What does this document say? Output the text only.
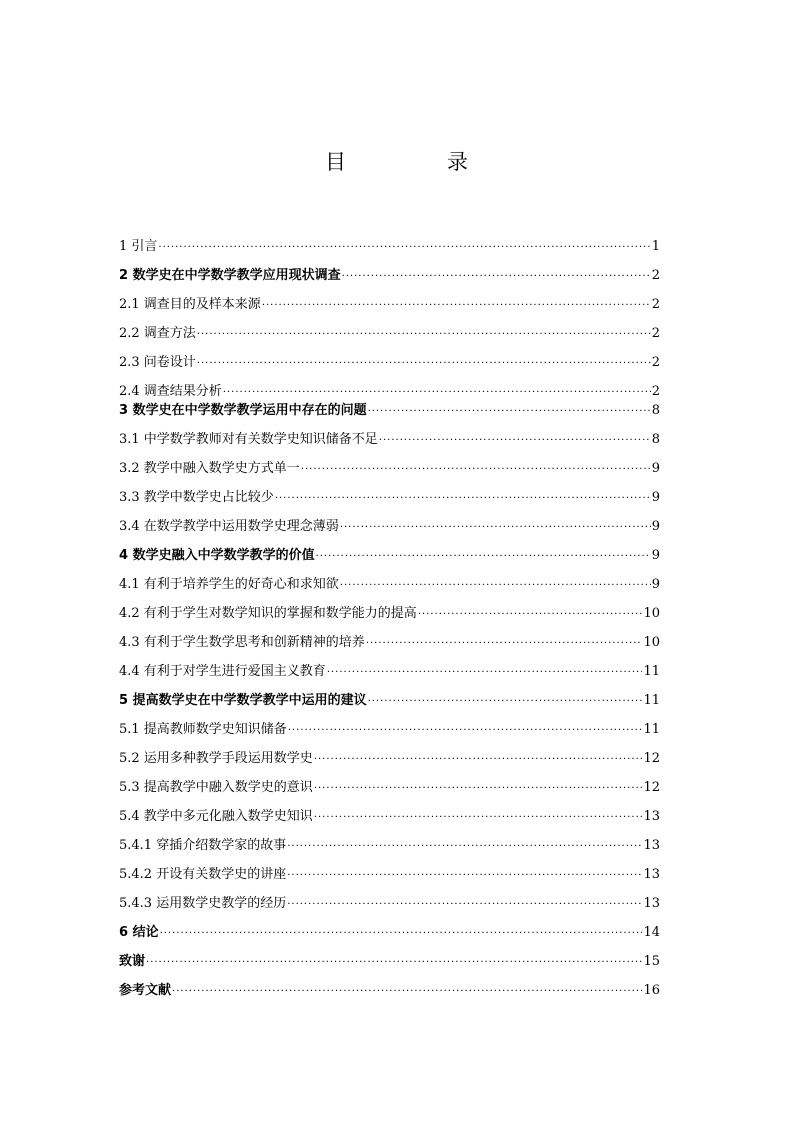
目　录
1 引言 ·····	1
2 数学史在中学数学教学应用现状调查 ·····	2
2.1 调查目的及样本来源 ·····	2
2.2 调查方法 ·····	2
2.3 问卷设计 ·····	2
2.4 调查结果分析 ·····	2
3 数学史在中学数学教学运用中存在的问题 ·····	8
3.1 中学数学教师对有关数学史知识储备不足 ·····	8
3.2 教学中融入数学史方式单一 ·····	9
3.3 教学中数学史占比较少 ·····	9
3.4 在数学教学中运用数学史理念薄弱 ·····	9
4 数学史融入中学数学教学的价值 ·····	9
4.1 有利于培养学生的好奇心和求知欲 ·····	9
4.2 有利于学生对数学知识的掌握和数学能力的提高 ·····	10
4.3 有利于学生数学思考和创新精神的培养 ·····	10
4.4 有利于对学生进行爱国主义教育 ·····	11
5 提高数学史在中学数学教学中运用的建议 ·····	11
5.1 提高教师数学史知识储备 ·····	11
5.2 运用多种教学手段运用数学史 ·····	12
5.3 提高教学中融入数学史的意识 ·····	12
5.4 教学中多元化融入数学史知识 ·····	13
5.4.1 穿插介绍数学家的故事 ·····	13
5.4.2 开设有关数学史的讲座 ·····	13
5.4.3 运用数学史教学的经历 ·····	13
6 结论 ·····	14
致谢 ·····	15
参考文献 ·····	16
